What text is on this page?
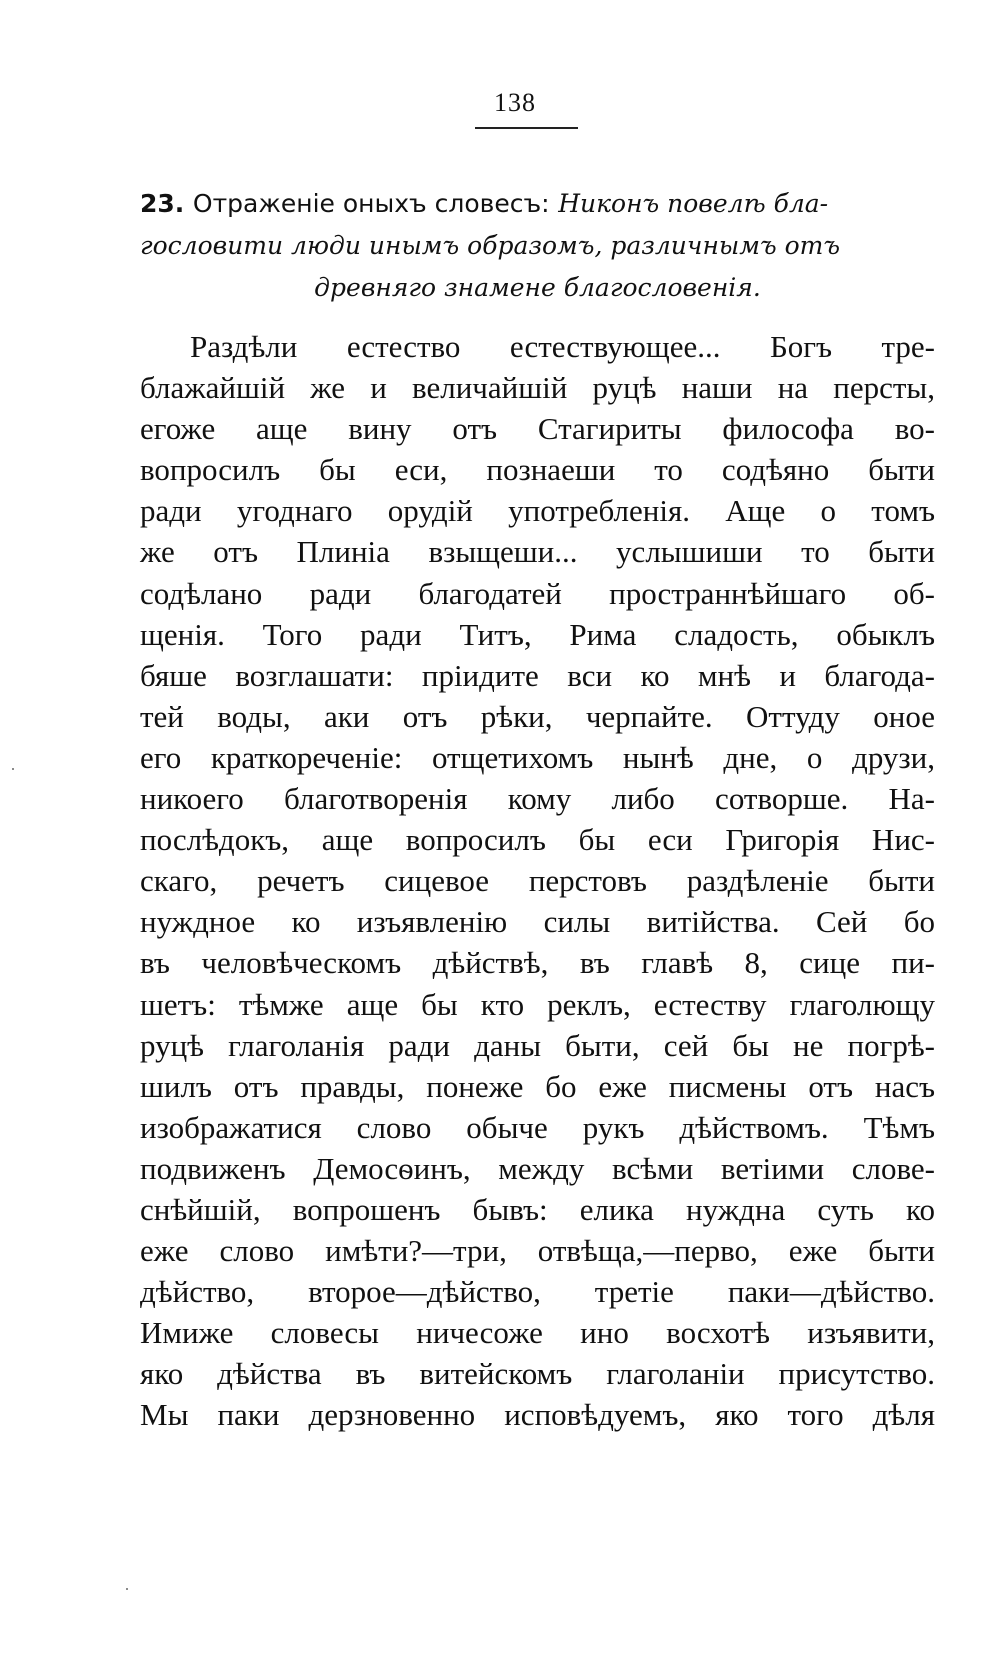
138
23. Отраженіе оныхъ словесъ: Никонъ повелѣ бла-
гословити люди инымъ образомъ, различнымъ отъ
древняго знамене благословенія.
Раздѣли естество естествующее... Богъ тре-
блажайшій же и величайшій руцѣ наши на персты,
егоже аще вину отъ Стагириты философа во-
вопросилъ бы еси, познаеши то содѣяно быти
ради угоднаго орудій употребленія. Аще о томъ
же отъ Плиніа взыщеши... услышиши то быти
содѣлано ради благодатей пространнѣйшаго об-
щенія. Того ради Титъ, Рима сладость, обыклъ
бяше возглашати: пріидите вси ко мнѣ и благода-
тей воды, аки отъ рѣки, черпайте. Оттуду оное
его краткореченіе: отщетихомъ нынѣ дне, о друзи,
никоего благотворенія кому либо сотворше. На-
послѣдокъ, аще вопросилъ бы еси Григорія Нис-
скаго, речетъ сицевое перстовъ раздѣленіе быти
нуждное ко изъявленію силы витійства. Сей бо
въ человѣческомъ дѣйствѣ, въ главѣ 8, сице пи-
шетъ: тѣмже аще бы кто реклъ, естеству глаголющу
руцѣ глаголанія ради даны быти, сей бы не погрѣ-
шилъ отъ правды, понеже бо еже писмены отъ насъ
изображатися слово обыче рукъ дѣйствомъ. Тѣмъ
подвиженъ Демосѳинъ, между всѣми ветіими слове-
снѣйшій, вопрошенъ бывъ: елика нуждна суть ко
еже слово имѣти?—три, отвѣща,—перво, еже быти
дѣйство, второе—дѣйство, третіе паки—дѣйство.
Имиже словесы ничесоже ино восхотѣ изъявити,
яко дѣйства въ витейскомъ глаголаніи присутство.
Мы паки дерзновенно исповѣдуемъ, яко того дѣля
